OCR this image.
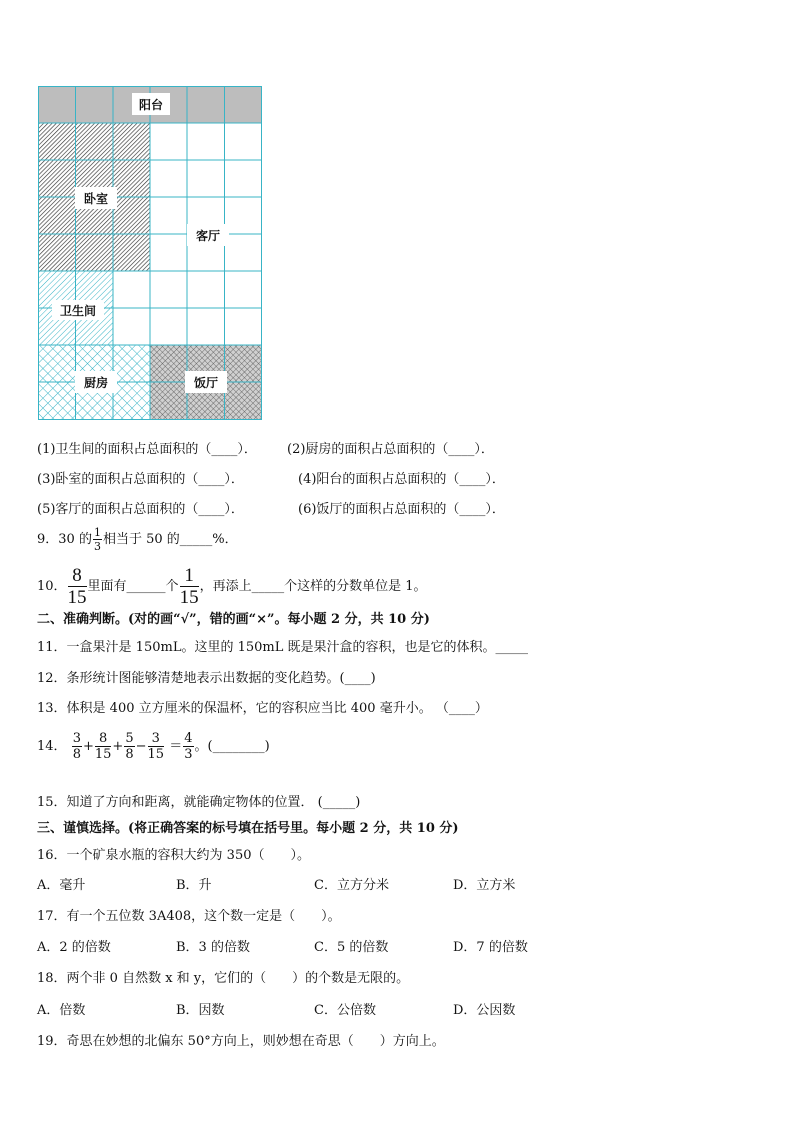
阳台
卧室
客厅
卫生间
厨房	饭厅
(1)卫生间的面积占总面积的（____）． (2)厨房的面积占总面积的（____）．
(3)卧室的面积占总面积的（____）．	(4)阳台的面积占总面积的（____）．
(5)客厅的面积占总面积的（____）．	(6)饭厅的面积占总面积的（____）．
9．30 的 $\frac{1}{3}$ 相当于 50 的_____%．
10． $\frac{8}{15}$ 里面有______个 $\frac{1}{15}$ ，再添上_____个这样的分数单位是 1。
二、准确判断。(对的画“√”，错的画“×”。每小题 2 分，共 10 分)
11．一盒果汁是 150mL。这里的 150mL 既是果汁盒的容积，也是它的体积。_____
12．条形统计图能够清楚地表示出数据的变化趋势。(____)
13．体积是 400 立方厘米的保温杯，它的容积应当比 400 毫升小。 （____）
14． $\frac{3}{8} + \frac{8}{15} + \frac{5}{8} - \frac{3}{15} = \frac{4}{3}$ 。(________)
15．知道了方向和距离，就能确定物体的位置． (_____)
三、谨慎选择。(将正确答案的标号填在括号里。每小题 2 分，共 10 分)
16．一个矿泉水瓶的容积大约为 350（　　）。
A．毫升	B．升	C．立方分米	D．立方米
17．有一个五位数 3A408，这个数一定是（　　）。
A．2 的倍数	B．3 的倍数	C．5 的倍数	D．7 的倍数
18．两个非 0 自然数 x 和 y，它们的（　　）的个数是无限的。
A．倍数	B．因数	C．公倍数	D．公因数
19．奇思在妙想的北偏东 50°方向上，则妙想在奇思（　　）方向上。
